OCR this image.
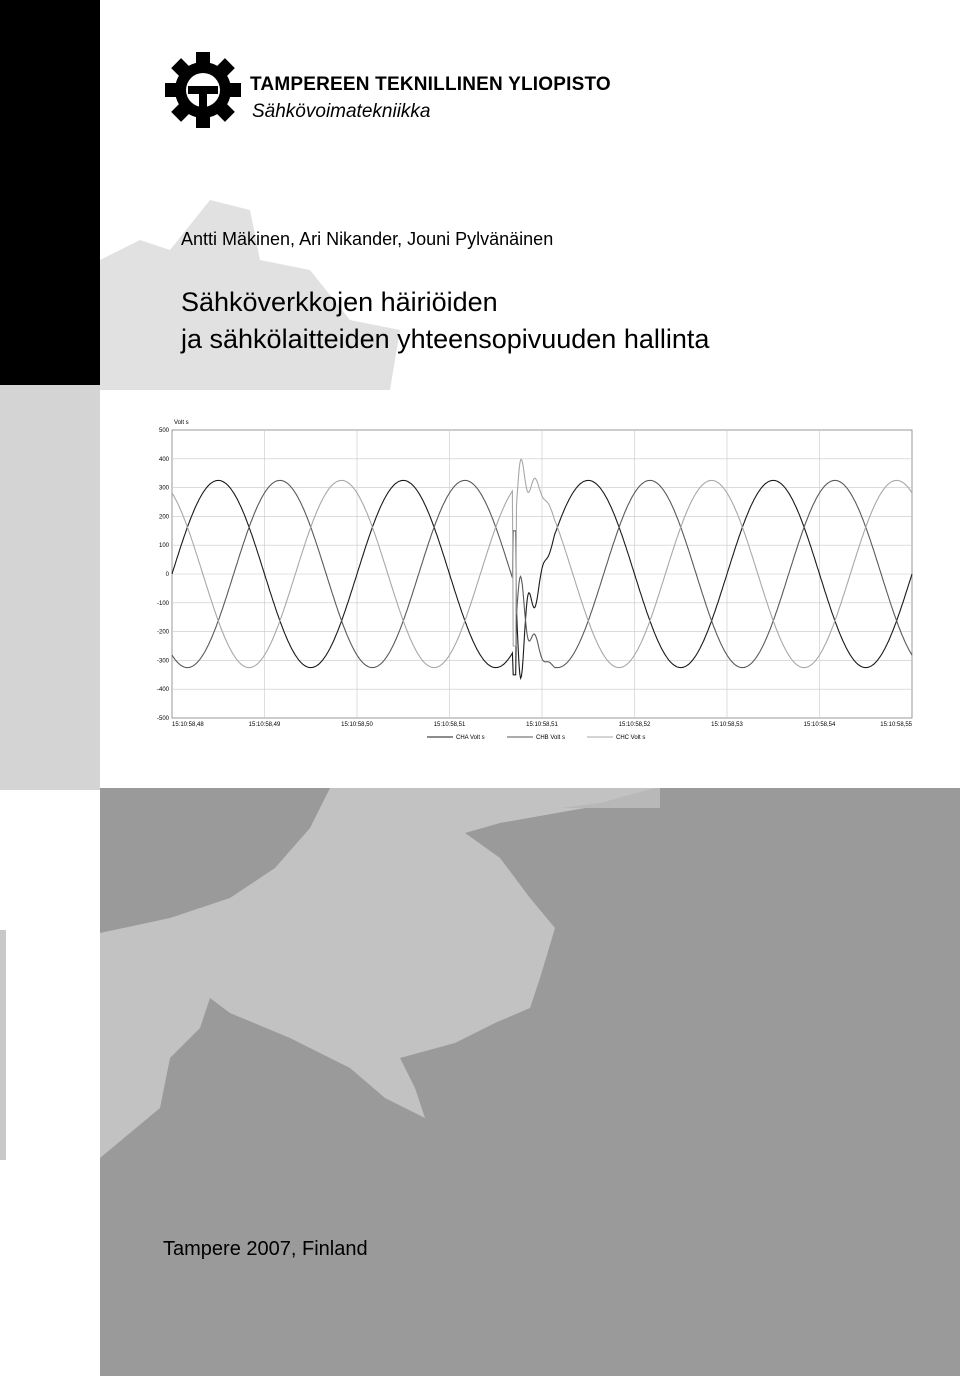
TAMPEREEN TEKNILLINEN YLIOPISTO
Sähkövoimatekniikka
Antti Mäkinen, Ari Nikander, Jouni Pylvänäinen
Sähköverkkojen häiriöiden
ja sähkölaitteiden yhteensopivuuden hallinta
500
400
300
200
100
0
-100
-200
-300
-400
-500
15:10:58,48	15:10:58,49	15:10:58,50	15:10:58,51	15:10:58,51	15:10:58,52	15:10:58,53	15:10:58,54	15:10:58,55
Volt s
CHA Volt s	CHB Volt s	CHC Volt s
Tampere 2007, Finland
